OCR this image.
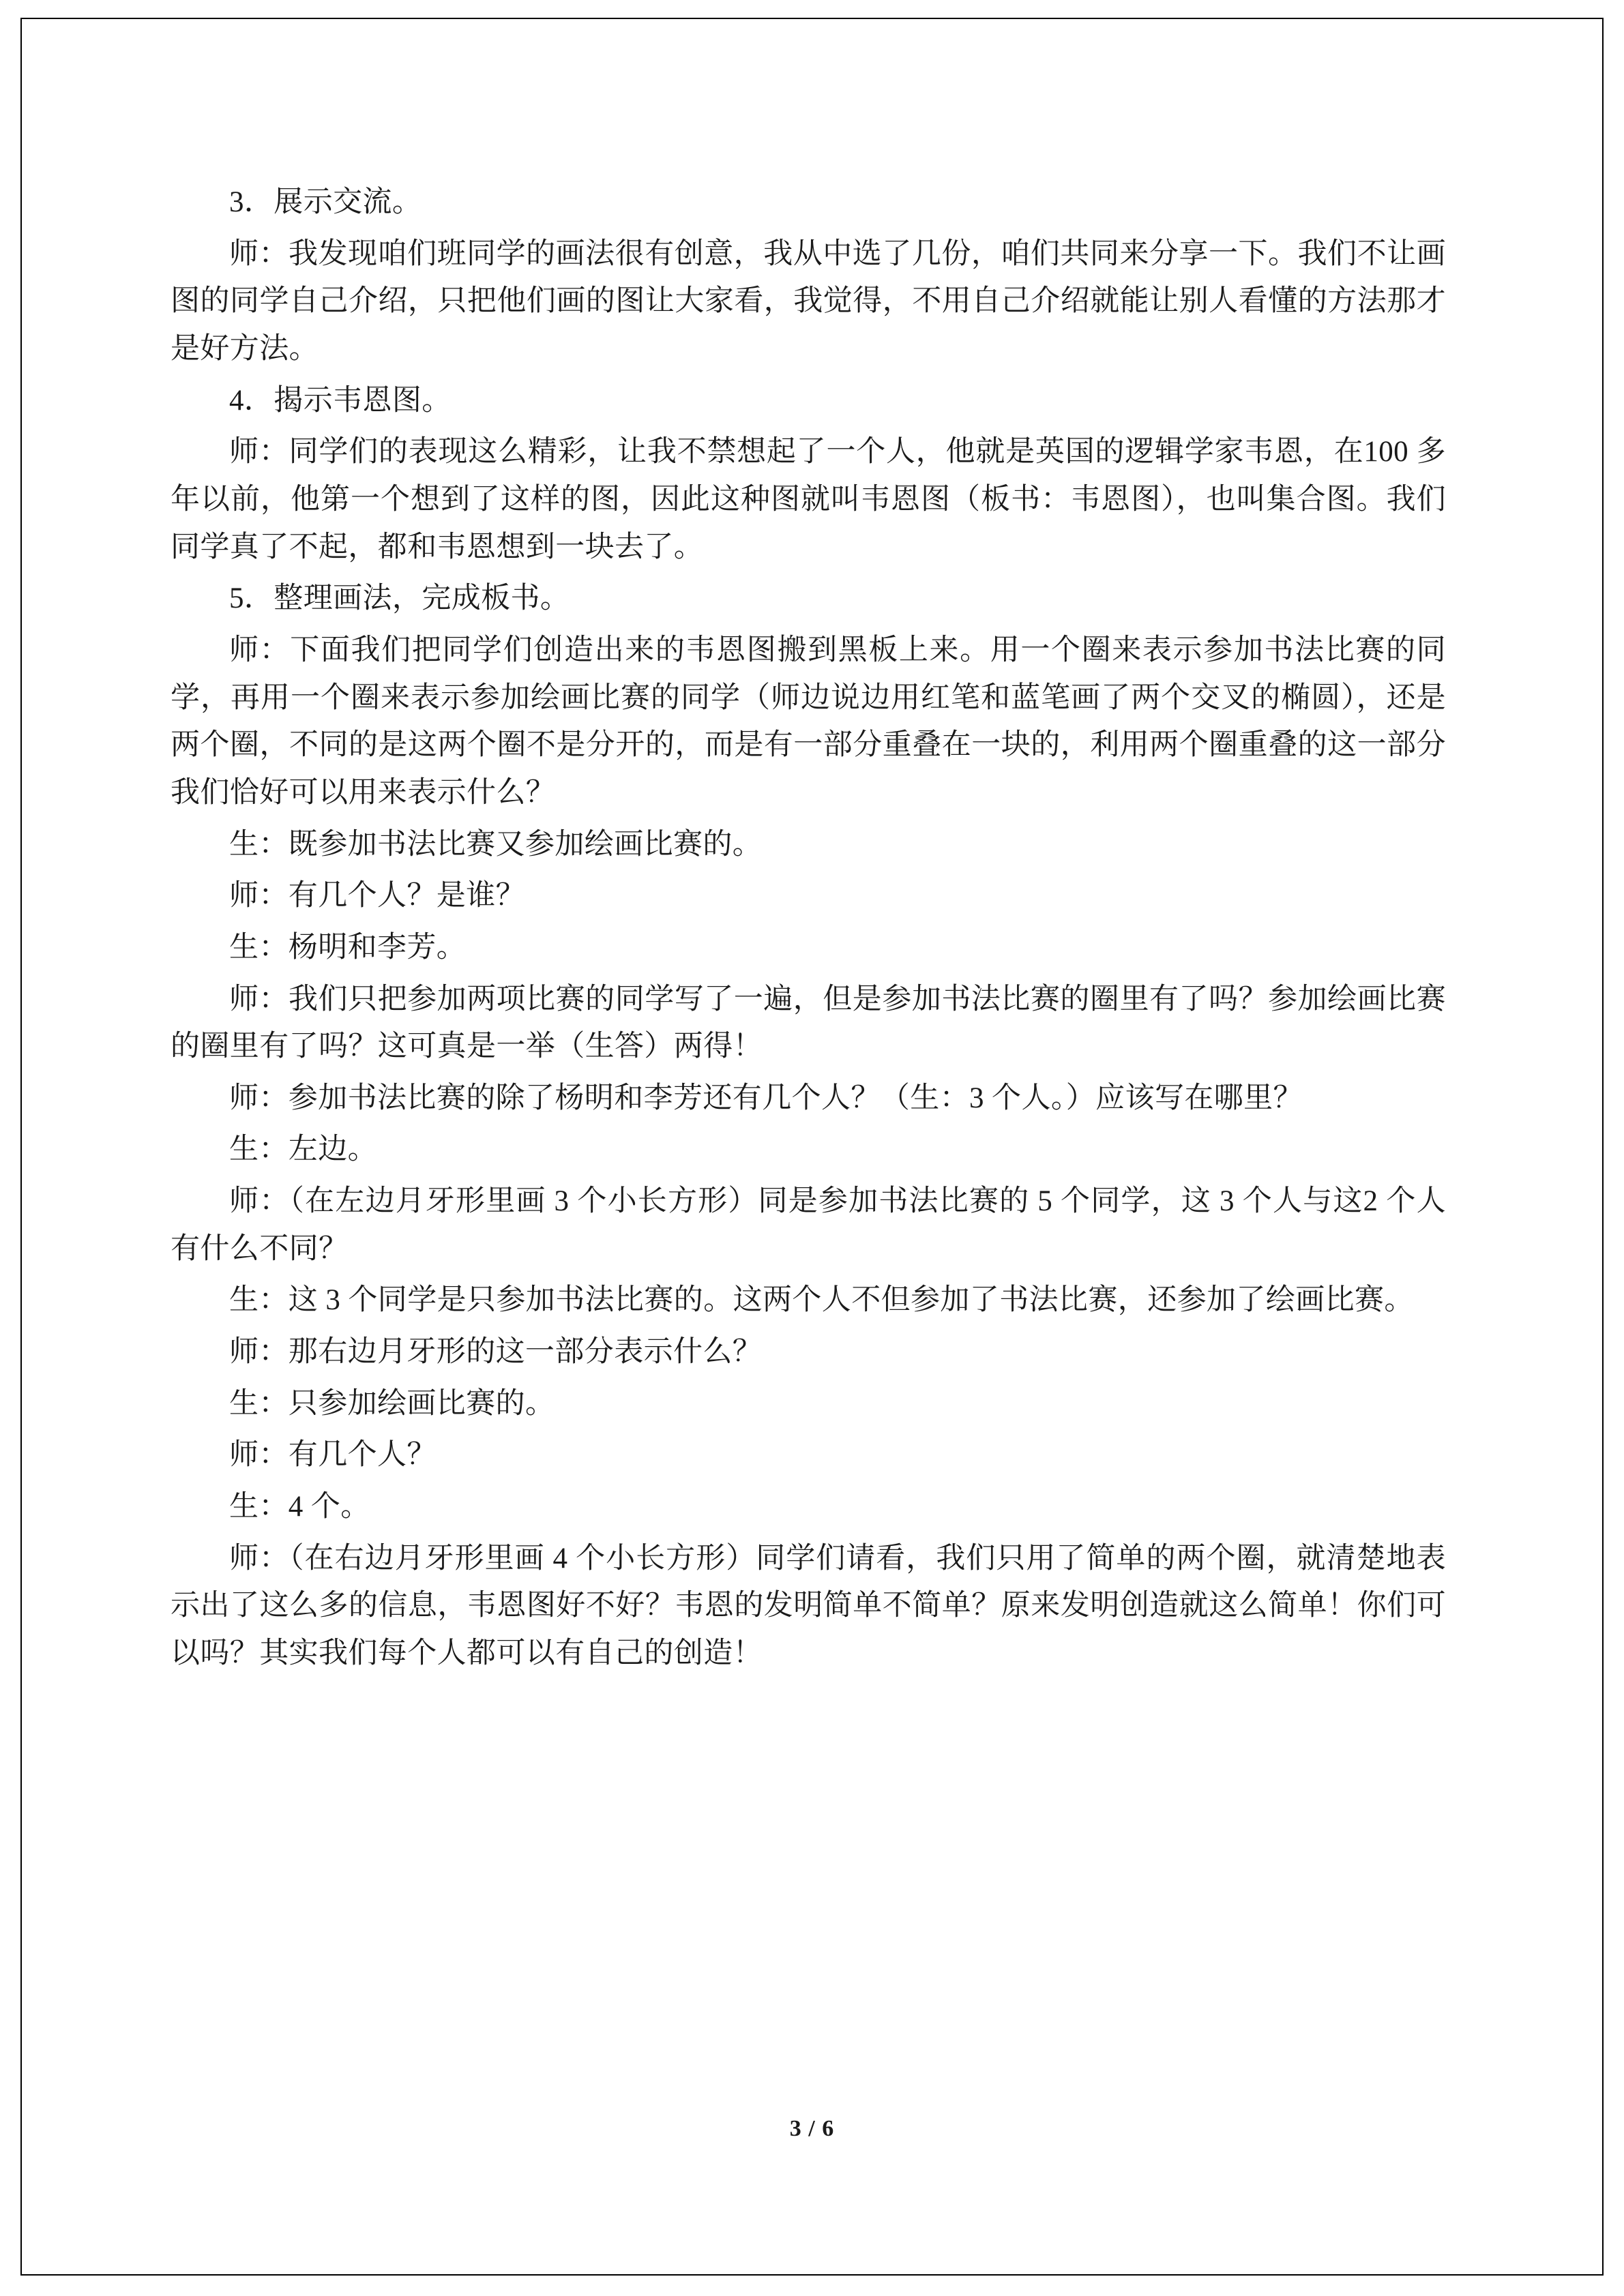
3．展示交流。

师：我发现咱们班同学的画法很有创意，我从中选了几份，咱们共同来分享一下。我们不让画图的同学自己介绍，只把他们画的图让大家看，我觉得，不用自己介绍就能让别人看懂的方法那才是好方法。

4．揭示韦恩图。

师：同学们的表现这么精彩，让我不禁想起了一个人，他就是英国的逻辑学家韦恩，在100 多年以前，他第一个想到了这样的图，因此这种图就叫韦恩图（板书：韦恩图），也叫集合图。我们同学真了不起，都和韦恩想到一块去了。

5．整理画法，完成板书。

师：下面我们把同学们创造出来的韦恩图搬到黑板上来。用一个圈来表示参加书法比赛的同学，再用一个圈来表示参加绘画比赛的同学（师边说边用红笔和蓝笔画了两个交叉的椭圆），还是两个圈，不同的是这两个圈不是分开的，而是有一部分重叠在一块的，利用两个圈重叠的这一部分我们恰好可以用来表示什么？

生：既参加书法比赛又参加绘画比赛的。

师：有几个人？是谁？

生：杨明和李芳。

师：我们只把参加两项比赛的同学写了一遍，但是参加书法比赛的圈里有了吗？参加绘画比赛的圈里有了吗？这可真是一举（生答）两得！

师：参加书法比赛的除了杨明和李芳还有几个人？（生：3 个人。）应该写在哪里？

生：左边。

师：（在左边月牙形里画 3 个小长方形）同是参加书法比赛的 5 个同学，这 3 个人与这2 个人有什么不同？

生：这 3 个同学是只参加书法比赛的。这两个人不但参加了书法比赛，还参加了绘画比赛。

师：那右边月牙形的这一部分表示什么？

生：只参加绘画比赛的。

师：有几个人？

生：4 个。

师：（在右边月牙形里画 4 个小长方形）同学们请看，我们只用了简单的两个圈，就清楚地表示出了这么多的信息，韦恩图好不好？韦恩的发明简单不简单？原来发明创造就这么简单！你们可以吗？其实我们每个人都可以有自己的创造！

3 / 6
